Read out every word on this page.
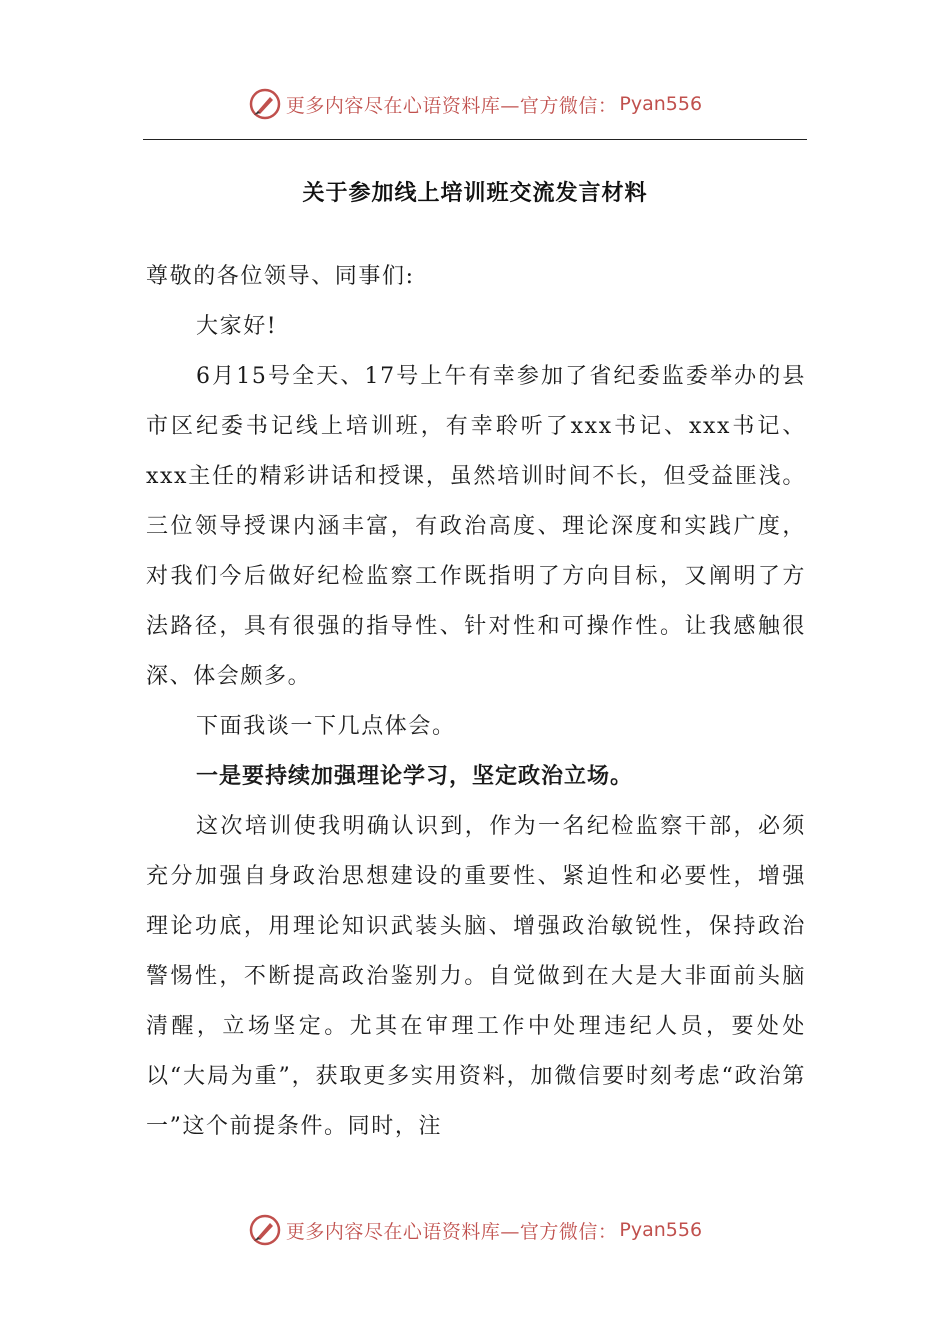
更多内容尽在心语资料库—官方微信： Pyan556
关于参加线上培训班交流发言材料

尊敬的各位领导、同事们:

大家好!

6月15号全天、17号上午有幸参加了省纪委监委举办的县市区纪委书记线上培训班，有幸聆听了xxx书记、xxx书记、xxx主任的精彩讲话和授课，虽然培训时间不长，但受益匪浅。三位领导授课内涵丰富，有政治高度、理论深度和实践广度，对我们今后做好纪检监察工作既指明了方向目标，又阐明了方法路径，具有很强的指导性、针对性和可操作性。让我感触很深、体会颇多。

下面我谈一下几点体会。

一是要持续加强理论学习，坚定政治立场。

这次培训使我明确认识到，作为一名纪检监察干部，必须充分加强自身政治思想建设的重要性、紧迫性和必要性，增强理论功底，用理论知识武装头脑、增强政治敏锐性，保持政治警惕性，不断提高政治鉴别力。自觉做到在大是大非面前头脑清醒，立场坚定。尤其在审理工作中处理违纪人员，要处处以“大局为重”，获取更多实用资料，加微信要时刻考虑“政治第一”这个前提条件。同时，注

更多内容尽在心语资料库—官方微信： Pyan556
